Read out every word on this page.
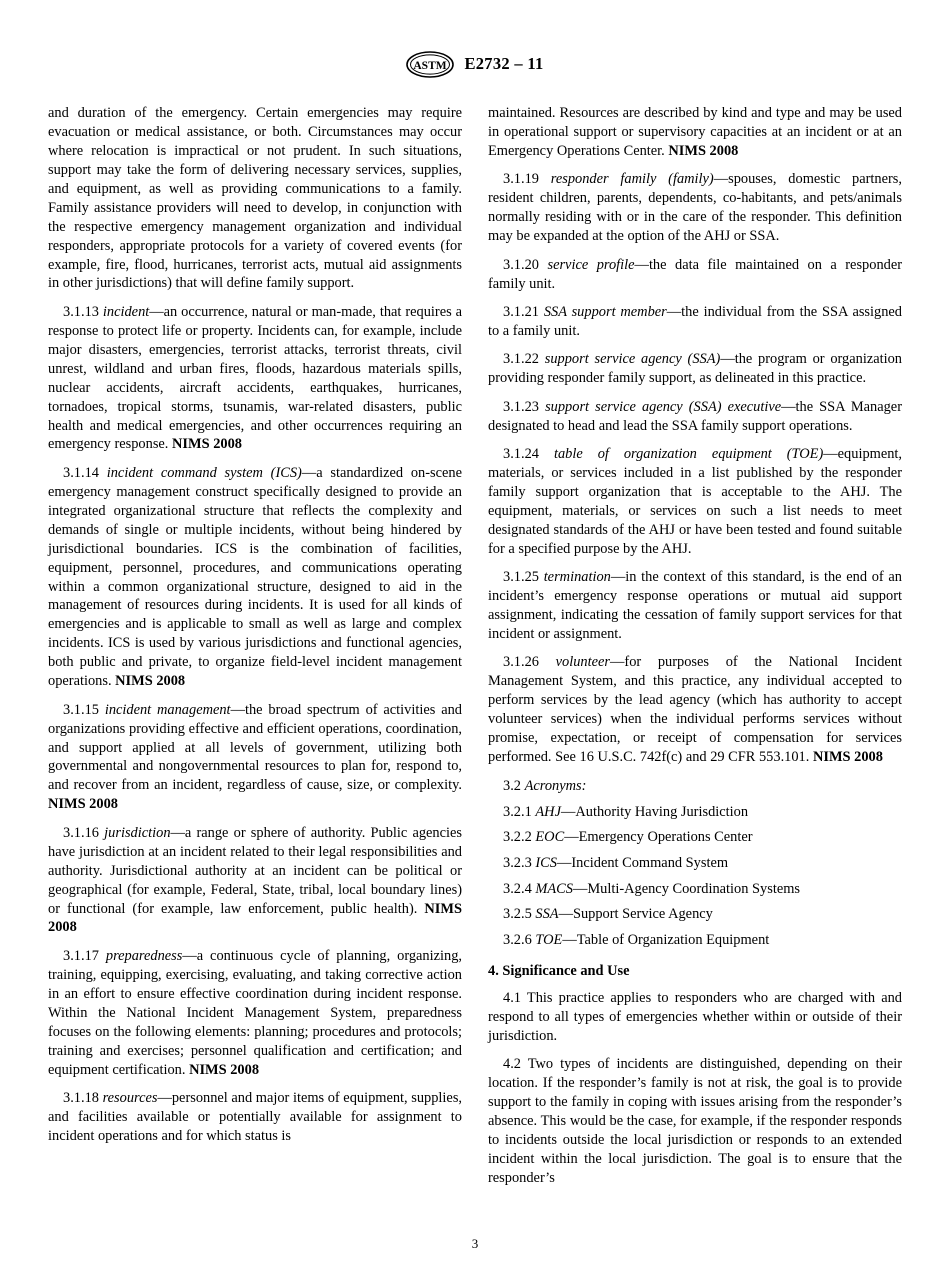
ASTM E2732 – 11

and duration of the emergency. Certain emergencies may require evacuation or medical assistance, or both. Circumstances may occur where relocation is impractical or not prudent. In such situations, support may take the form of delivering necessary services, supplies, and equipment, as well as providing communications to a family. Family assistance providers will need to develop, in conjunction with the respective emergency management organization and individual responders, appropriate protocols for a variety of covered events (for example, fire, flood, hurricanes, terrorist acts, mutual aid assignments in other jurisdictions) that will define family support.

3.1.13 incident—an occurrence, natural or man-made, that requires a response to protect life or property. Incidents can, for example, include major disasters, emergencies, terrorist attacks, terrorist threats, civil unrest, wildland and urban fires, floods, hazardous materials spills, nuclear accidents, aircraft accidents, earthquakes, hurricanes, tornadoes, tropical storms, tsunamis, war-related disasters, public health and medical emergencies, and other occurrences requiring an emergency response. NIMS 2008

3.1.14 incident command system (ICS)—a standardized on-scene emergency management construct specifically designed to provide an integrated organizational structure that reflects the complexity and demands of single or multiple incidents, without being hindered by jurisdictional boundaries. ICS is the combination of facilities, equipment, personnel, procedures, and communications operating within a common organizational structure, designed to aid in the management of resources during incidents. It is used for all kinds of emergencies and is applicable to small as well as large and complex incidents. ICS is used by various jurisdictions and functional agencies, both public and private, to organize field-level incident management operations. NIMS 2008

3.1.15 incident management—the broad spectrum of activities and organizations providing effective and efficient operations, coordination, and support applied at all levels of government, utilizing both governmental and nongovernmental resources to plan for, respond to, and recover from an incident, regardless of cause, size, or complexity. NIMS 2008

3.1.16 jurisdiction—a range or sphere of authority. Public agencies have jurisdiction at an incident related to their legal responsibilities and authority. Jurisdictional authority at an incident can be political or geographical (for example, Federal, State, tribal, local boundary lines) or functional (for example, law enforcement, public health). NIMS 2008

3.1.17 preparedness—a continuous cycle of planning, organizing, training, equipping, exercising, evaluating, and taking corrective action in an effort to ensure effective coordination during incident response. Within the National Incident Management System, preparedness focuses on the following elements: planning; procedures and protocols; training and exercises; personnel qualification and certification; and equipment certification. NIMS 2008

3.1.18 resources—personnel and major items of equipment, supplies, and facilities available or potentially available for assignment to incident operations and for which status is

maintained. Resources are described by kind and type and may be used in operational support or supervisory capacities at an incident or at an Emergency Operations Center. NIMS 2008

3.1.19 responder family (family)—spouses, domestic partners, resident children, parents, dependents, co-habitants, and pets/animals normally residing with or in the care of the responder. This definition may be expanded at the option of the AHJ or SSA.

3.1.20 service profile—the data file maintained on a responder family unit.

3.1.21 SSA support member—the individual from the SSA assigned to a family unit.

3.1.22 support service agency (SSA)—the program or organization providing responder family support, as delineated in this practice.

3.1.23 support service agency (SSA) executive—the SSA Manager designated to head and lead the SSA family support operations.

3.1.24 table of organization equipment (TOE)—equipment, materials, or services included in a list published by the responder family support organization that is acceptable to the AHJ. The equipment, materials, or services on such a list needs to meet designated standards of the AHJ or have been tested and found suitable for a specified purpose by the AHJ.

3.1.25 termination—in the context of this standard, is the end of an incident’s emergency response operations or mutual aid support assignment, indicating the cessation of family support services for that incident or assignment.

3.1.26 volunteer—for purposes of the National Incident Management System, and this practice, any individual accepted to perform services by the lead agency (which has authority to accept volunteer services) when the individual performs services without promise, expectation, or receipt of compensation for services performed. See 16 U.S.C. 742f(c) and 29 CFR 553.101. NIMS 2008

3.2 Acronyms:

3.2.1 AHJ—Authority Having Jurisdiction

3.2.2 EOC—Emergency Operations Center

3.2.3 ICS—Incident Command System

3.2.4 MACS—Multi-Agency Coordination Systems

3.2.5 SSA—Support Service Agency

3.2.6 TOE—Table of Organization Equipment

4. Significance and Use

4.1 This practice applies to responders who are charged with and respond to all types of emergencies whether within or outside of their jurisdiction.

4.2 Two types of incidents are distinguished, depending on their location. If the responder’s family is not at risk, the goal is to provide support to the family in coping with issues arising from the responder’s absence. This would be the case, for example, if the responder responds to incidents outside the local jurisdiction or responds to an extended incident within the local jurisdiction. The goal is to ensure that the responder’s

3
